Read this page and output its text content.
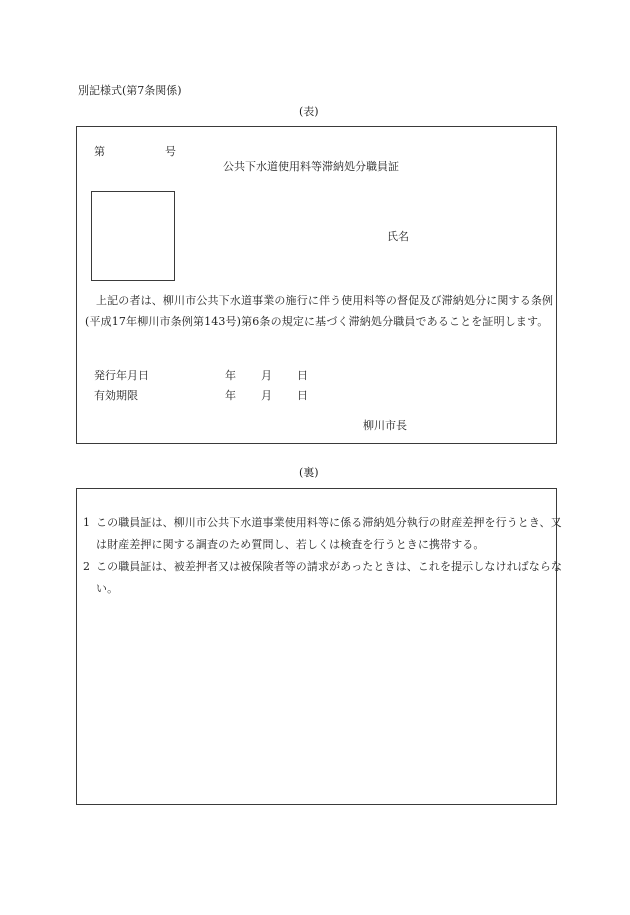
別記様式(第7条関係)
(表)
第	号
公共下水道使用料等滞納処分職員証
氏名
上記の者は、柳川市公共下水道事業の施行に伴う使用料等の督促及び滞納処分に関する条例(平成17年柳川市条例第143号)第6条の規定に基づく滞納処分職員であることを証明します。
発行年月日	年 月 日
有効期限	年 月 日
柳川市長
(裏)
1 この職員証は、柳川市公共下水道事業使用料等に係る滞納処分執行の財産差押を行うとき、又は財産差押に関する調査のため質問し、若しくは検査を行うときに携帯する。
2 この職員証は、被差押者又は被保険者等の請求があったときは、これを提示しなければならない。
